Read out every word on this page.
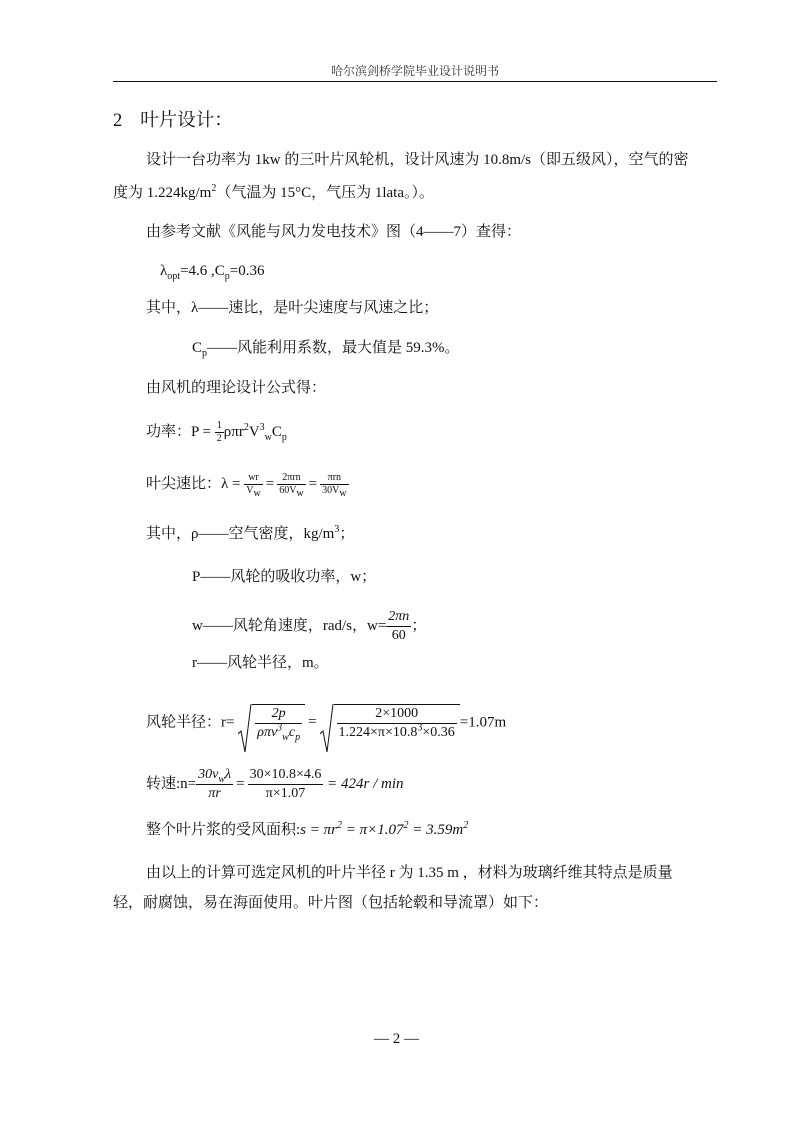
哈尔滨剑桥学院毕业设计说明书
2 叶片设计：
设计一台功率为 1kw 的三叶片风轮机，设计风速为 10.8m/s（即五级风），空气的密
度为 $1.224kg/m^2$（气温为 15°C，气压为 1lata。）。
由参考文献《风能与风力发电技术》图（4——7）查得：
$\lambda_{opt}=4.6$ $,C_p=0.36$
其中，λ——速比，是叶尖速度与风速之比；
$C_p——$风能利用系数，最大值是 59.3%。
由风机的理论设计公式得：
功率：$P = \frac{1}{2} \rho\pi r^2V^3_wC_p$
叶尖速比：$\lambda = \frac{wr}{V_w} = \frac{\text{2πrn}}{60V_w} = \frac{\text{πrn}}{30V_w}$
其中，ρ——空气密度，$kg/m^3$；
P——风轮的吸收功率，w；
w——风轮角速度，rad/s，$w= \frac{2\pi n}{60}$ ；
r——风轮半径，m。
风轮半径：$r= \frac{2p}{\rho\pi v^3_wc_p} = \frac{2\times 1000}{1.224\times\pi\times 10.8^3\times 0.36} =1.07m$
转速:n= $\frac{30v_w\lambda}{\pi r} = \frac{30\times 10.8\times 4.6}{\pi\times 1.07} = 424r / \min$
整个叶片浆的受风面积:s = $\pi r^2 = \pi\times 1.07^2 = 3.59m^2$
由以上的计算可选定风机的叶片半径 r 为 1.35 m ，材料为玻璃纤维其特点是质量
轻，耐腐蚀，易在海面使用。叶片图（包括轮毂和导流罩）如下：
— 2 —
